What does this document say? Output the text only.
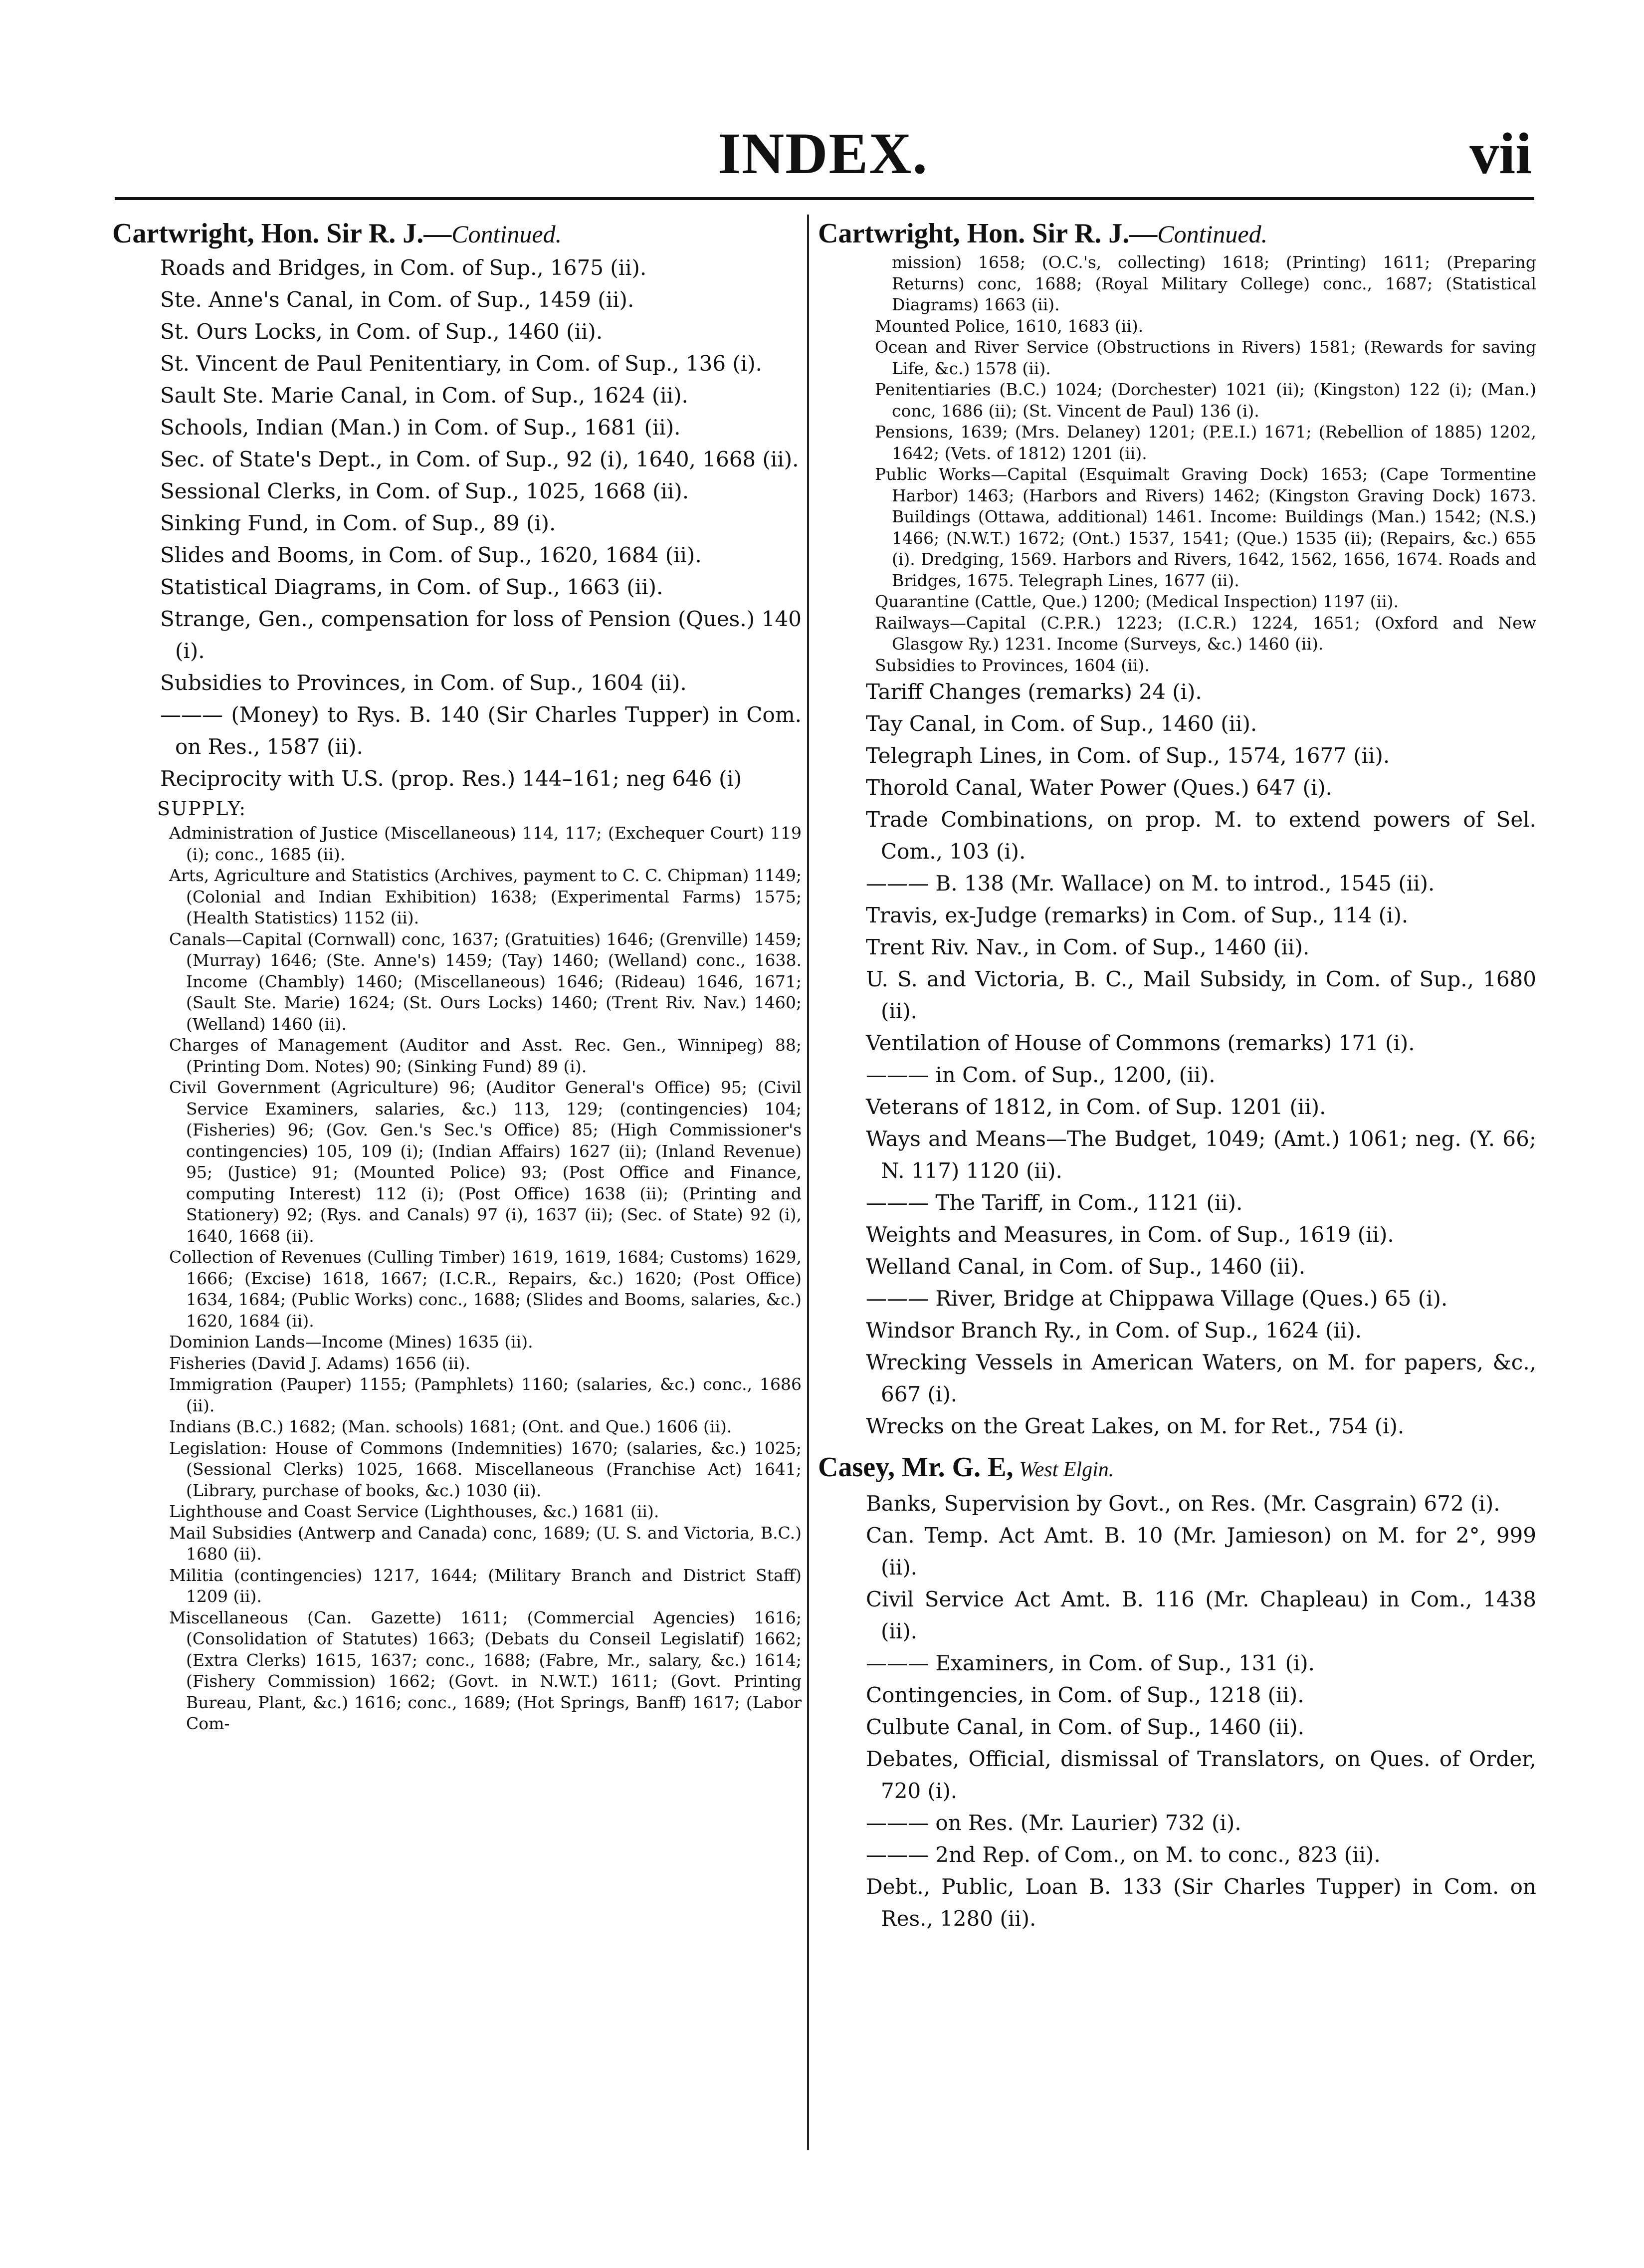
INDEX.	vii
Cartwright, Hon. Sir R. J.—Continued.
Roads and Bridges, in Com. of Sup., 1675 (ii).
Ste. Anne's Canal, in Com. of Sup., 1459 (ii).
St. Ours Locks, in Com. of Sup., 1460 (ii).
St. Vincent de Paul Penitentiary, in Com. of Sup., 136 (i).
Sault Ste. Marie Canal, in Com. of Sup., 1624 (ii).
Schools, Indian (Man.) in Com. of Sup., 1681 (ii).
Sec. of State's Dept., in Com. of Sup., 92 (i), 1640, 1668 (ii).
Sessional Clerks, in Com. of Sup., 1025, 1668 (ii).
Sinking Fund, in Com. of Sup., 89 (i).
Slides and Booms, in Com. of Sup., 1620, 1684 (ii).
Statistical Diagrams, in Com. of Sup., 1663 (ii).
Strange, Gen., compensation for loss of Pension (Ques.) 140 (i).
Subsidies to Provinces, in Com. of Sup., 1604 (ii).
——— (Money) to Rys. B. 140 (Sir Charles Tupper) in Com. on Res., 1587 (ii).
Reciprocity with U.S. (prop. Res.) 144–161; neg 646 (i)
SUPPLY:
Administration of Justice (Miscellaneous) 114, 117; (Exchequer Court) 119 (i); conc., 1685 (ii).
Arts, Agriculture and Statistics (Archives, payment to C. C. Chipman) 1149; (Colonial and Indian Exhibition) 1638; (Experimental Farms) 1575; (Health Statistics) 1152 (ii).
Canals—Capital (Cornwall) conc, 1637; (Gratuities) 1646; (Grenville) 1459; (Murray) 1646; (Ste. Anne's) 1459; (Tay) 1460; (Welland) conc., 1638. Income (Chambly) 1460; (Miscellaneous) 1646; (Rideau) 1646, 1671; (Sault Ste. Marie) 1624; (St. Ours Locks) 1460; (Trent Riv. Nav.) 1460; (Welland) 1460 (ii).
Charges of Management (Auditor and Asst. Rec. Gen., Winnipeg) 88; (Printing Dom. Notes) 90; (Sinking Fund) 89 (i).
Civil Government (Agriculture) 96; (Auditor General's Office) 95; (Civil Service Examiners, salaries, &c.) 113, 129; (contingencies) 104; (Fisheries) 96; (Gov. Gen.'s Sec.'s Office) 85; (High Commissioner's contingencies) 105, 109 (i); (Indian Affairs) 1627 (ii); (Inland Revenue) 95; (Justice) 91; (Mounted Police) 93; (Post Office and Finance, computing Interest) 112 (i); (Post Office) 1638 (ii); (Printing and Stationery) 92; (Rys. and Canals) 97 (i), 1637 (ii); (Sec. of State) 92 (i), 1640, 1668 (ii).
Collection of Revenues (Culling Timber) 1619, 1619, 1684; Customs) 1629, 1666; (Excise) 1618, 1667; (I.C.R., Repairs, &c.) 1620; (Post Office) 1634, 1684; (Public Works) conc., 1688; (Slides and Booms, salaries, &c.) 1620, 1684 (ii).
Dominion Lands—Income (Mines) 1635 (ii).
Fisheries (David J. Adams) 1656 (ii).
Immigration (Pauper) 1155; (Pamphlets) 1160; (salaries, &c.) conc., 1686 (ii).
Indians (B.C.) 1682; (Man. schools) 1681; (Ont. and Que.) 1606 (ii).
Legislation: House of Commons (Indemnities) 1670; (salaries, &c.) 1025; (Sessional Clerks) 1025, 1668. Miscellaneous (Franchise Act) 1641; (Library, purchase of books, &c.) 1030 (ii).
Lighthouse and Coast Service (Lighthouses, &c.) 1681 (ii).
Mail Subsidies (Antwerp and Canada) conc, 1689; (U. S. and Victoria, B.C.) 1680 (ii).
Militia (contingencies) 1217, 1644; (Military Branch and District Staff) 1209 (ii).
Miscellaneous (Can. Gazette) 1611; (Commercial Agencies) 1616; (Consolidation of Statutes) 1663; (Debats du Conseil Legislatif) 1662; (Extra Clerks) 1615, 1637; conc., 1688; (Fabre, Mr., salary, &c.) 1614; (Fishery Commission) 1662; (Govt. in N.W.T.) 1611; (Govt. Printing Bureau, Plant, &c.) 1616; conc., 1689; (Hot Springs, Banff) 1617; (Labor Com-
Cartwright, Hon. Sir R. J.—Continued.
mission) 1658; (O.C.'s, collecting) 1618; (Printing) 1611; (Preparing Returns) conc, 1688; (Royal Military College) conc., 1687; (Statistical Diagrams) 1663 (ii).
Mounted Police, 1610, 1683 (ii).
Ocean and River Service (Obstructions in Rivers) 1581; (Rewards for saving Life, &c.) 1578 (ii).
Penitentiaries (B.C.) 1024; (Dorchester) 1021 (ii); (Kingston) 122 (i); (Man.) conc, 1686 (ii); (St. Vincent de Paul) 136 (i).
Pensions, 1639; (Mrs. Delaney) 1201; (P.E.I.) 1671; (Rebellion of 1885) 1202, 1642; (Vets. of 1812) 1201 (ii).
Public Works—Capital (Esquimalt Graving Dock) 1653; (Cape Tormentine Harbor) 1463; (Harbors and Rivers) 1462; (Kingston Graving Dock) 1673. Buildings (Ottawa, additional) 1461. Income: Buildings (Man.) 1542; (N.S.) 1466; (N.W.T.) 1672; (Ont.) 1537, 1541; (Que.) 1535 (ii); (Repairs, &c.) 655 (i). Dredging, 1569. Harbors and Rivers, 1642, 1562, 1656, 1674. Roads and Bridges, 1675. Telegraph Lines, 1677 (ii).
Quarantine (Cattle, Que.) 1200; (Medical Inspection) 1197 (ii).
Railways—Capital (C.P.R.) 1223; (I.C.R.) 1224, 1651; (Oxford and New Glasgow Ry.) 1231. Income (Surveys, &c.) 1460 (ii).
Subsidies to Provinces, 1604 (ii).
Tariff Changes (remarks) 24 (i).
Tay Canal, in Com. of Sup., 1460 (ii).
Telegraph Lines, in Com. of Sup., 1574, 1677 (ii).
Thorold Canal, Water Power (Ques.) 647 (i).
Trade Combinations, on prop. M. to extend powers of Sel. Com., 103 (i).
——— B. 138 (Mr. Wallace) on M. to introd., 1545 (ii).
Travis, ex-Judge (remarks) in Com. of Sup., 114 (i).
Trent Riv. Nav., in Com. of Sup., 1460 (ii).
U. S. and Victoria, B. C., Mail Subsidy, in Com. of Sup., 1680 (ii).
Ventilation of House of Commons (remarks) 171 (i).
——— in Com. of Sup., 1200, (ii).
Veterans of 1812, in Com. of Sup. 1201 (ii).
Ways and Means—The Budget, 1049; (Amt.) 1061; neg. (Y. 66; N. 117) 1120 (ii).
——— The Tariff, in Com., 1121 (ii).
Weights and Measures, in Com. of Sup., 1619 (ii).
Welland Canal, in Com. of Sup., 1460 (ii).
——— River, Bridge at Chippawa Village (Ques.) 65 (i).
Windsor Branch Ry., in Com. of Sup., 1624 (ii).
Wrecking Vessels in American Waters, on M. for papers, &c., 667 (i).
Wrecks on the Great Lakes, on M. for Ret., 754 (i).
Casey, Mr. G. E, West Elgin.
Banks, Supervision by Govt., on Res. (Mr. Casgrain) 672 (i).
Can. Temp. Act Amt. B. 10 (Mr. Jamieson) on M. for 2°, 999 (ii).
Civil Service Act Amt. B. 116 (Mr. Chapleau) in Com., 1438 (ii).
——— Examiners, in Com. of Sup., 131 (i).
Contingencies, in Com. of Sup., 1218 (ii).
Culbute Canal, in Com. of Sup., 1460 (ii).
Debates, Official, dismissal of Translators, on Ques. of Order, 720 (i).
——— on Res. (Mr. Laurier) 732 (i).
——— 2nd Rep. of Com., on M. to conc., 823 (ii).
Debt., Public, Loan B. 133 (Sir Charles Tupper) in Com. on Res., 1280 (ii).
